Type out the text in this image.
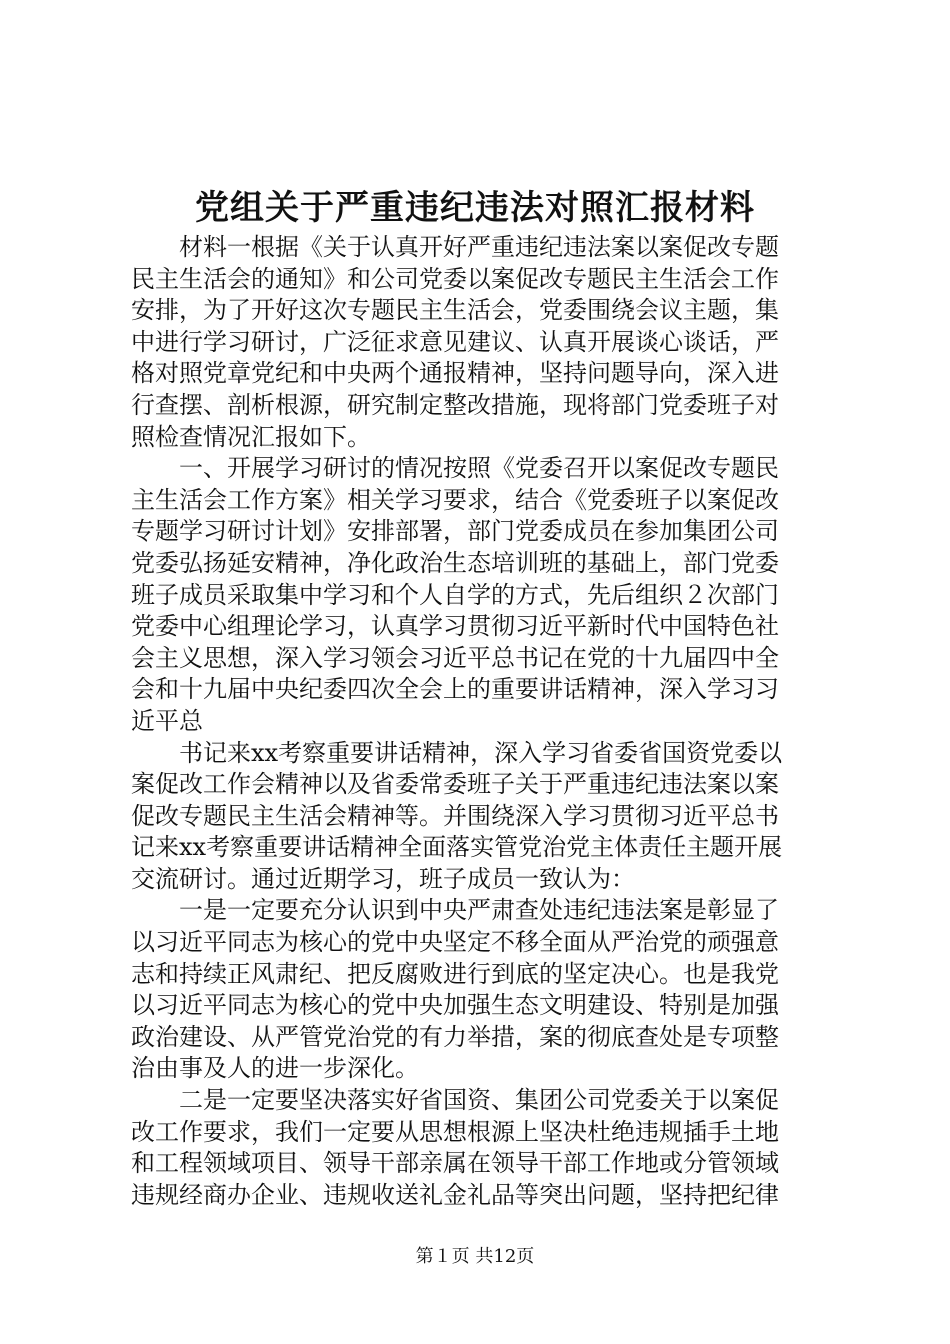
党组关于严重违纪违法对照汇报材料

材料一根据《关于认真开好严重违纪违法案以案促改专题
民主生活会的通知》和公司党委以案促改专题民主生活会工作
安排，为了开好这次专题民主生活会，党委围绕会议主题，集
中进行学习研讨，广泛征求意见建议、认真开展谈心谈话，严
格对照党章党纪和中央两个通报精神，坚持问题导向，深入进
行查摆、剖析根源，研究制定整改措施，现将部门党委班子对
照检查情况汇报如下。

一、开展学习研讨的情况按照《党委召开以案促改专题民
主生活会工作方案》相关学习要求，结合《党委班子以案促改
专题学习研讨计划》安排部署，部门党委成员在参加集团公司
党委弘扬延安精神，净化政治生态培训班的基础上，部门党委
班子成员采取集中学习和个人自学的方式，先后组织２次部门
党委中心组理论学习，认真学习贯彻习近平新时代中国特色社
会主义思想，深入学习领会习近平总书记在党的十九届四中全
会和十九届中央纪委四次全会上的重要讲话精神，深入学习习
近平总

书记来xx考察重要讲话精神，深入学习省委省国资党委以
案促改工作会精神以及省委常委班子关于严重违纪违法案以案
促改专题民主生活会精神等。并围绕深入学习贯彻习近平总书
记来xx考察重要讲话精神全面落实管党治党主体责任主题开展
交流研讨。通过近期学习，班子成员一致认为：

一是一定要充分认识到中央严肃查处违纪违法案是彰显了
以习近平同志为核心的党中央坚定不移全面从严治党的顽强意
志和持续正风肃纪、把反腐败进行到底的坚定决心。也是我党
以习近平同志为核心的党中央加强生态文明建设、特别是加强
政治建设、从严管党治党的有力举措，案的彻底查处是专项整
治由事及人的进一步深化。

二是一定要坚决落实好省国资、集团公司党委关于以案促
改工作要求，我们一定要从思想根源上坚决杜绝违规插手土地
和工程领域项目、领导干部亲属在领导干部工作地或分管领域
违规经商办企业、违规收送礼金礼品等突出问题，坚持把纪律

第１页 共12页
